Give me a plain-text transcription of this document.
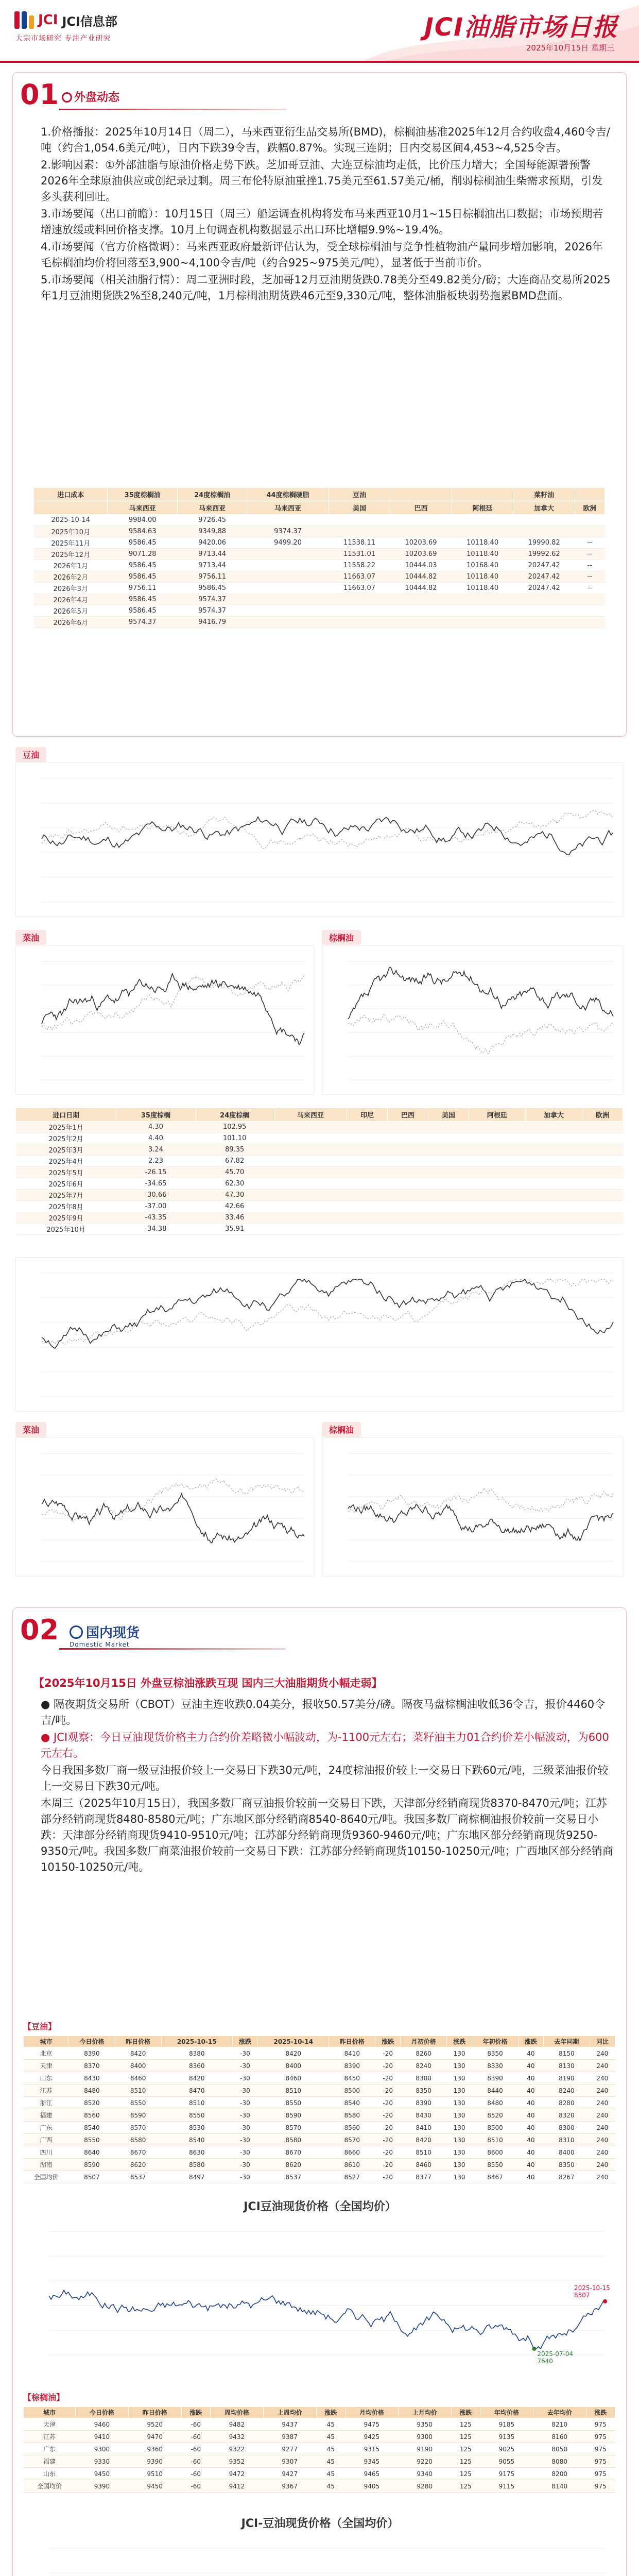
JCI JCI信息部
大宗市场研究 专注产业研究	JCI油脂市场日报
2025年10月15日 星期三
01	外盘动态

1.价格播报：2025年10月14日（周二），马来西亚衍生品交易所(BMD)，棕榈油基准2025年12月合约收盘4,460令吉/吨（约合1,054.6美元/吨），日内下跌39令吉，跌幅0.87%。实现三连阴；日内交易区间4,453~4,525令吉。

2.影响因素：①外部油脂与原油价格走势下跌。芝加哥豆油、大连豆棕油均走低，比价压力增大；全国每能源署预警2026年全球原油供应或创纪录过剩。周三布伦特原油重挫1.75美元至61.57美元/桶，削弱棕榈油生柴需求预期，引发多头获利回吐。

3.市场要闻（出口前瞻）：10月15日（周三）船运调查机构将发布马来西亚10月1~15日棕榈油出口数据；市场预期若增速放缓或料回价格支撑。10月上旬调查机构数据显示出口环比增幅9.9%~19.4%。

4.市场要闻（官方价格微调）：马来西亚政府最新评估认为，受全球棕榈油与竞争性植物油产量同步增加影响，2026年毛棕榈油均价将回落至3,900~4,100令吉/吨（约合925~975美元/吨），显著低于当前市价。

5.市场要闻（相关油脂行情）：周二亚洲时段，芝加哥12月豆油期货跌0.78美分至49.82美分/磅；大连商品交易所2025年1月豆油期货跌2%至8,240元/吨，1月棕榈油期货跌46元至9,330元/吨，整体油脂板块弱势拖累BMD盘面。

进口成本	35度棕榈油	24度棕榈油	44度棕榈硬脂	豆油			菜籽油	
	马来西亚	马来西亚	马来西亚	美国	巴西	阿根廷	加拿大	欧洲
2025-10-14	9984.00	9726.45						
2025年10月	9584.63	9349.88	9374.37					
2025年11月	9586.45	9420.06	9499.20	11538.11	10203.69	10118.40	19990.82	--
2025年12月	9071.28	9713.44		11531.01	10203.69	10118.40	19992.62	--
2026年1月	9586.45	9713.44		11558.22	10444.03	10168.40	20247.42	--
2026年2月	9586.45	9756.11		11663.07	10444.82	10118.40	20247.42	--
2026年3月	9756.11	9586.45		11663.07	10444.82	10118.40	20247.42	--
2026年4月	9586.45	9574.37						
2026年5月	9586.45	9574.37						
2026年6月	9574.37	9416.79						
豆油
菜油	棕榈油
进口日期	35度棕榈	24度棕榈	马来西亚	印尼	巴西	美国	阿根廷	加拿大	欧洲
2025年1月	4.30	102.95							
2025年2月	4.40	101.10							
2025年3月	3.24	89.35							
2025年4月	2.23	67.82							
2025年5月	-26.15	45.70							
2025年6月	-34.65	62.30							
2025年7月	-30.66	47.30							
2025年8月	-37.00	42.66							
2025年9月	-43.35	33.46							
2025年10月	-34.38	35.91							
菜油	棕榈油
02 国内现货
Domestic Market
【2025年10月15日 外盘豆棕油涨跌互现 国内三大油脂期货小幅走弱】

● 隔夜期货交易所（CBOT）豆油主连收跌0.04美分，报收50.57美分/磅。隔夜马盘棕榈油收低36令吉，报价4460令吉/吨。

● JCI观察：今日豆油现货价格主力合约价差略微小幅波动，为-1100元左右；菜籽油主力01合约价差小幅波动，为600元左右。

今日我国多数厂商一级豆油报价较上一交易日下跌30元/吨，24度棕油报价较上一交易日下跌60元/吨，三级菜油报价较上一交易日下跌30元/吨。

本周三（2025年10月15日），我国多数厂商豆油报价较前一交易日下跌，天津部分经销商现货8370-8470元/吨；江苏部分经销商现货8480-8580元/吨；广东地区部分经销商8540-8640元/吨。我国多数厂商棕榈油报价较前一交易日小跌：天津部分经销商现货9410-9510元/吨；江苏部分经销商现货9360-9460元/吨；广东地区部分经销商现货9250-9350元/吨。我国多数厂商菜油报价较前一交易日下跌：江苏部分经销商现货10150-10250元/吨；广西地区部分经销商10150-10250元/吨。

【豆油】
城市	今日价格	昨日价格	2025-10-15	涨跌	2025-10-14	昨日价格	涨跌	月初价格	涨跌	年初价格	涨跌	去年同期	同比
北京	8390	8420	8380	-30	8420	8410	-20	8260	130	8350	40	8150	240
天津	8370	8400	8360	-30	8400	8390	-20	8240	130	8330	40	8130	240
山东	8430	8460	8420	-30	8460	8450	-20	8300	130	8390	40	8190	240
江苏	8480	8510	8470	-30	8510	8500	-20	8350	130	8440	40	8240	240
浙江	8520	8550	8510	-30	8550	8540	-20	8390	130	8480	40	8280	240
福建	8560	8590	8550	-30	8590	8580	-20	8430	130	8520	40	8320	240
广东	8540	8570	8530	-30	8570	8560	-20	8410	130	8500	40	8300	240
广西	8550	8580	8540	-30	8580	8570	-20	8420	130	8510	40	8310	240
四川	8640	8670	8630	-30	8670	8660	-20	8510	130	8600	40	8400	240
湖南	8590	8620	8580	-30	8620	8610	-20	8460	130	8550	40	8350	240
全国均价	8507	8537	8497	-30	8537	8527	-20	8377	130	8467	40	8267	240
JCI豆油现货价格（全国均价）
2025-10-15
8507
2025-07-04
7640
【棕榈油】
城市	今日价格	昨日价格	涨跌	周均价格	上周均价	涨跌	月均价格	上月均价	涨跌	年均价格	去年均价	涨跌
天津	9460	9520	-60	9482	9437	45	9475	9350	125	9185	8210	975
江苏	9410	9470	-60	9432	9387	45	9425	9300	125	9135	8160	975
广东	9300	9360	-60	9322	9277	45	9315	9190	125	9025	8050	975
福建	9330	9390	-60	9352	9307	45	9345	9220	125	9055	8080	975
山东	9450	9510	-60	9472	9427	45	9465	9340	125	9175	8200	975
全国均价	9390	9450	-60	9412	9367	45	9405	9280	125	9115	8140	975
JCI-豆油现货价格（全国均价）
